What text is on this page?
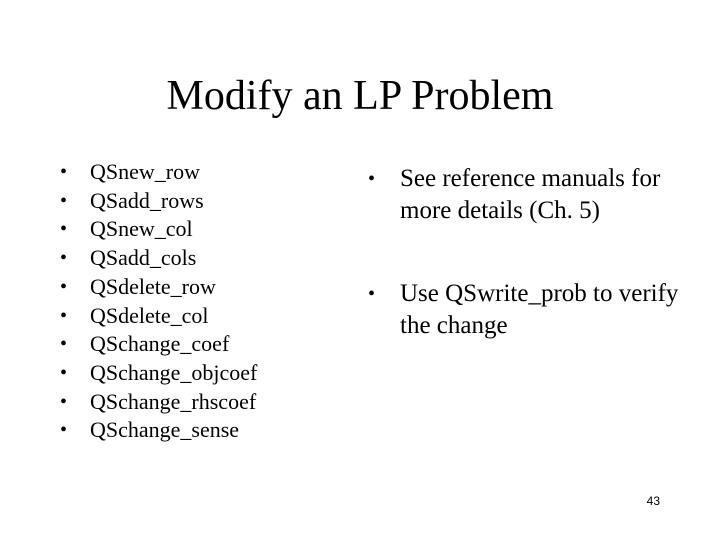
Modify an LP Problem
• QSnew_row
• QSadd_rows
• QSnew_col
• QSadd_cols
• QSdelete_row
• QSdelete_col
• QSchange_coef
• QSchange_objcoef
• QSchange_rhscoef
• QSchange_sense
• See reference manuals for more details (Ch. 5)
• Use QSwrite_prob to verify the change
43
